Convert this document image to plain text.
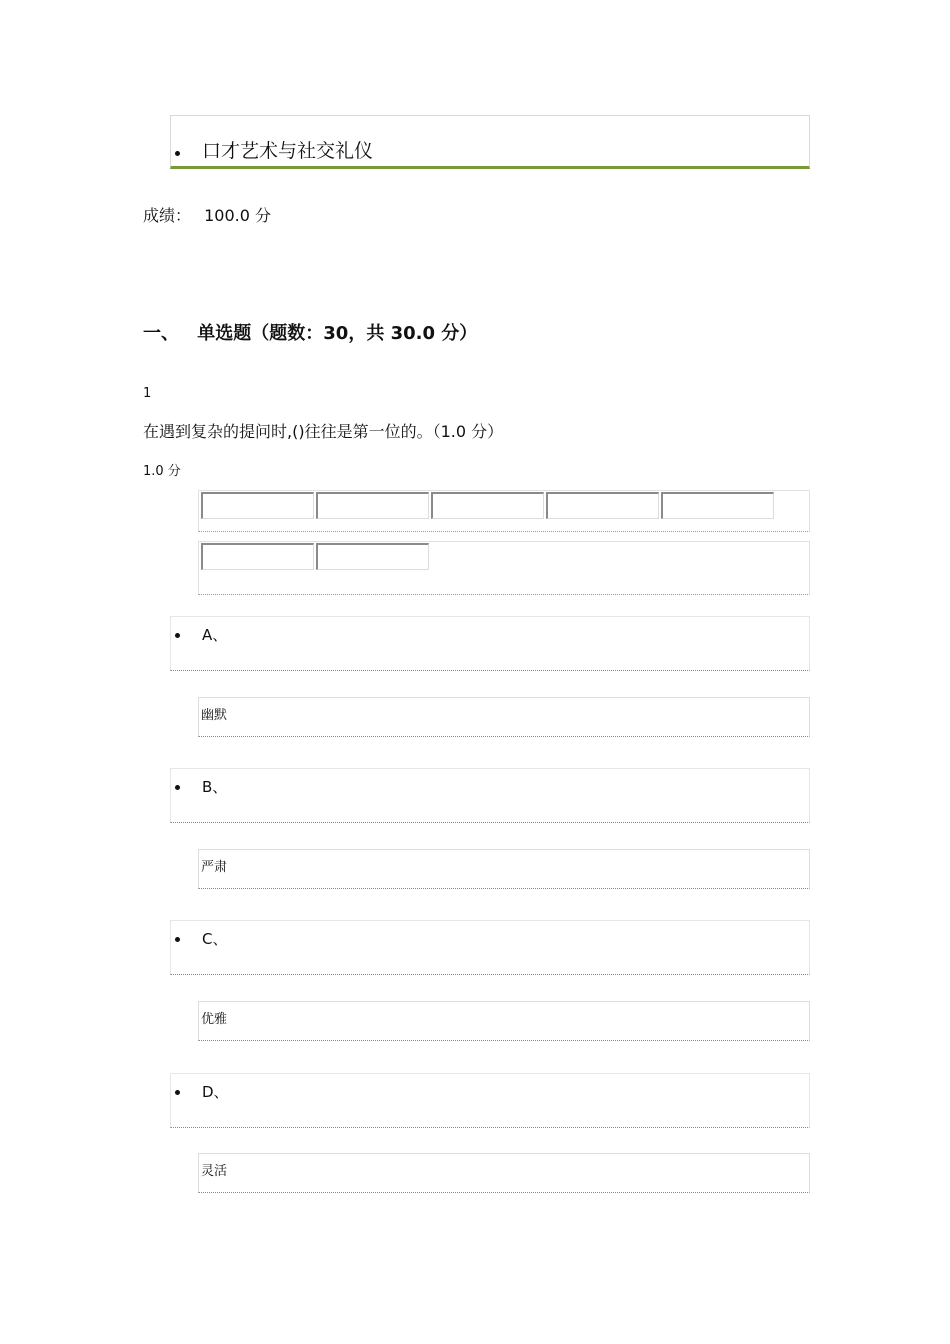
口才艺术与社交礼仪
成绩： 100.0 分
一、 单选题（题数：30，共 30.0 分）
1
在遇到复杂的提问时,()往往是第一位的。（1.0 分）
1.0 分
A、
幽默
B、
严肃
C、
优雅
D、
灵活
